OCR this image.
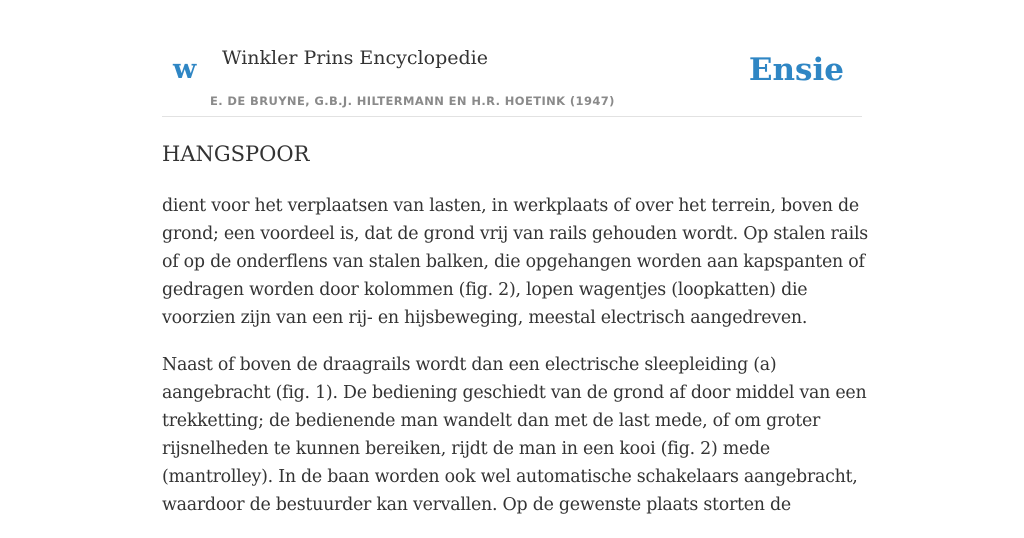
w Winkler Prins Encyclopedie
E. DE BRUYNE, G.B.J. HILTERMANN EN H.R. HOETINK (1947)
Ensie
HANGSPOOR

dient voor het verplaatsen van lasten, in werkplaats of over het terrein, boven de
grond; een voordeel is, dat de grond vrij van rails gehouden wordt. Op stalen rails
of op de onderflens van stalen balken, die opgehangen worden aan kapspanten of
gedragen worden door kolommen (fig. 2), lopen wagentjes (loopkatten) die
voorzien zijn van een rij- en hijsbeweging, meestal electrisch aangedreven.

Naast of boven de draagrails wordt dan een electrische sleepleiding (a)
aangebracht (fig. 1). De bediening geschiedt van de grond af door middel van een
trekketting; de bedienende man wandelt dan met de last mede, of om groter
rijsnelheden te kunnen bereiken, rijdt de man in een kooi (fig. 2) mede
(mantrolley). In de baan worden ook wel automatische schakelaars aangebracht,
waardoor de bestuurder kan vervallen. Op de gewenste plaats storten de
